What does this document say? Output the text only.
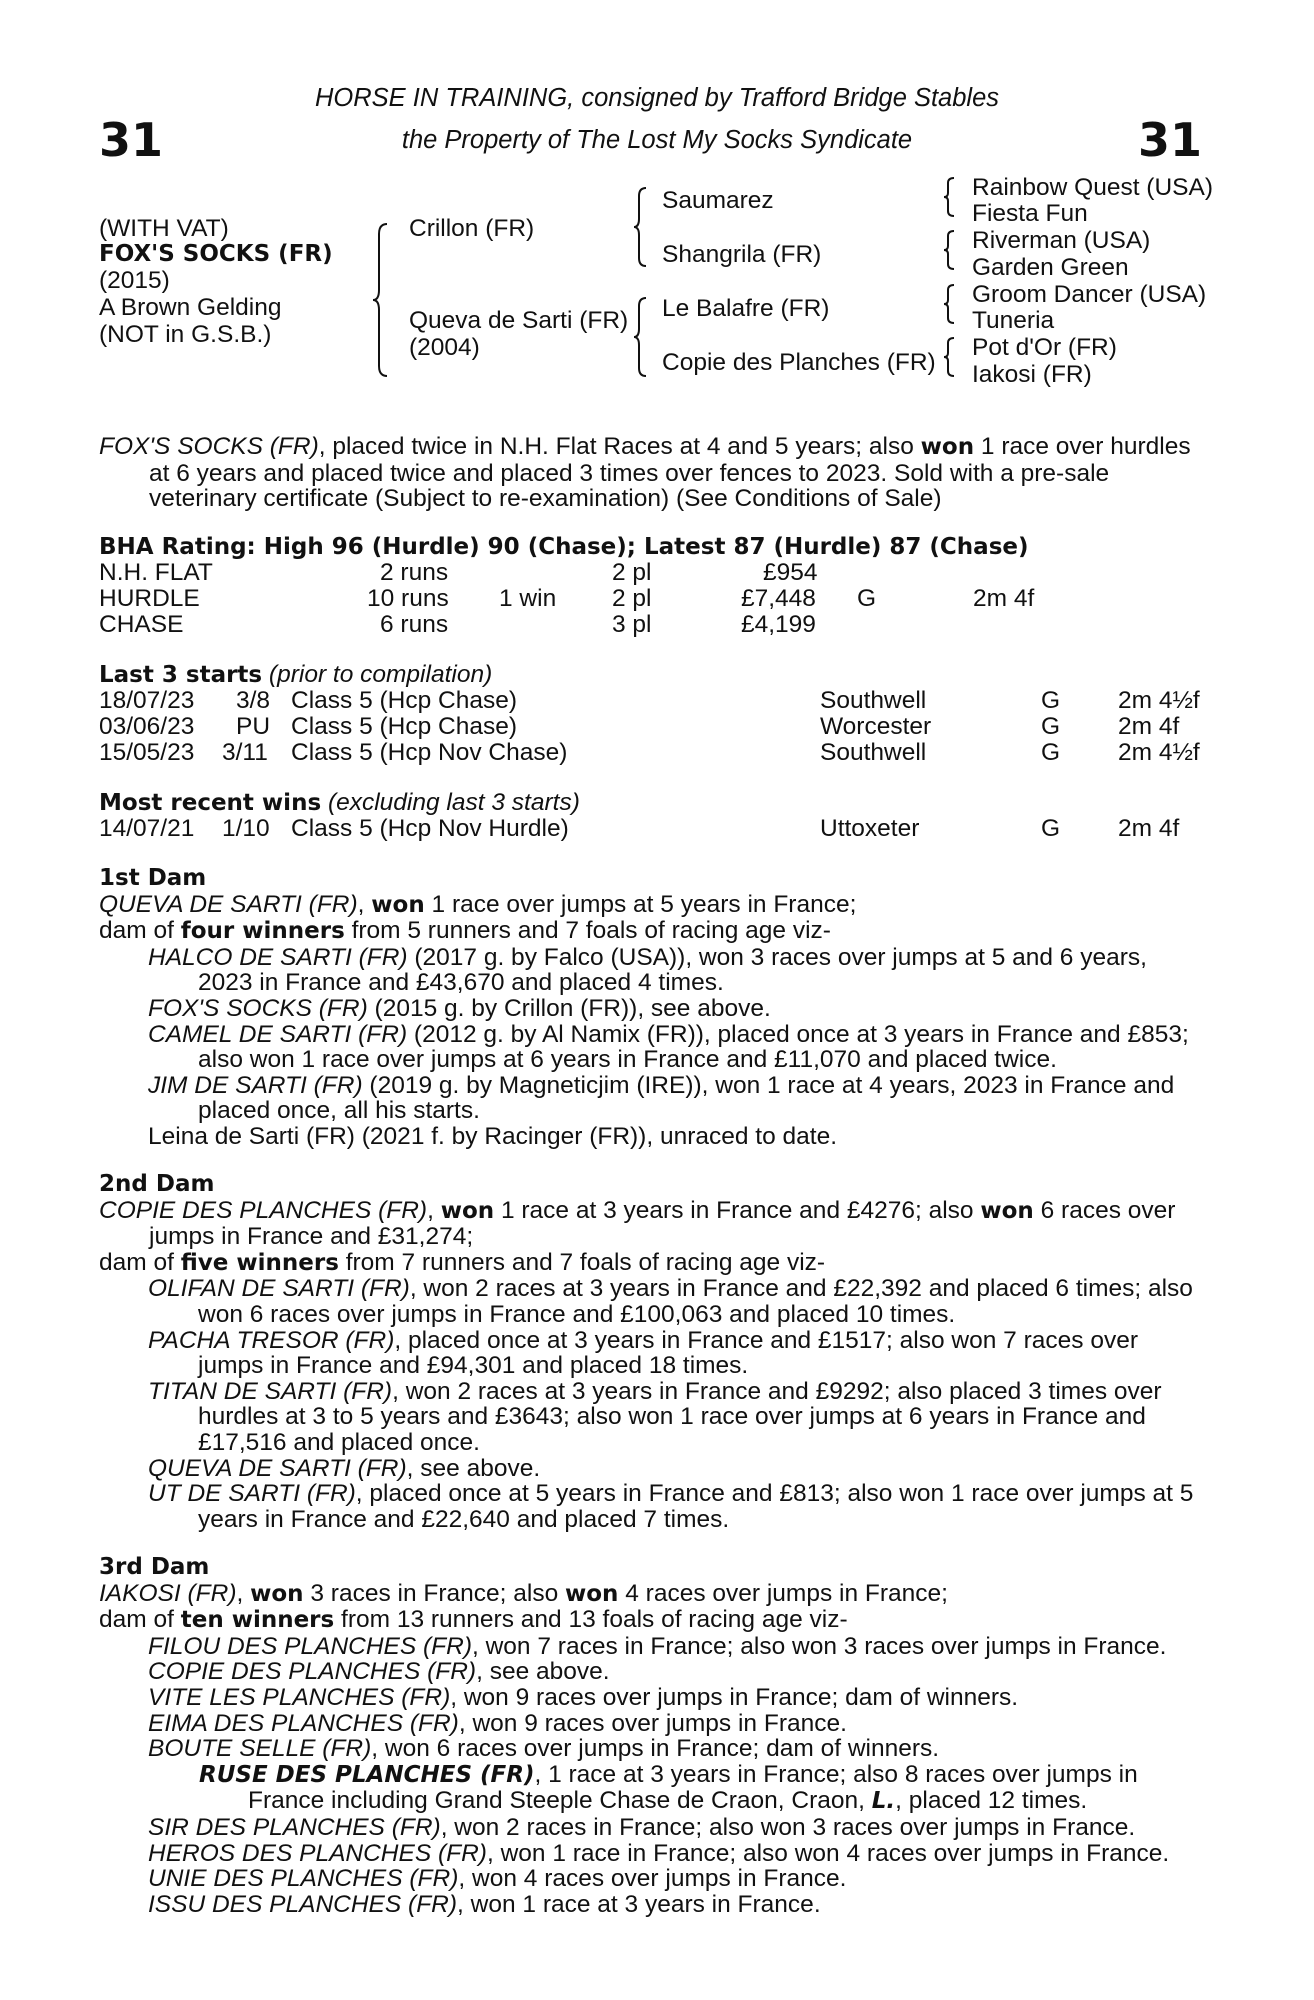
31	31
HORSE IN TRAINING, consigned by Trafford Bridge Stables
the Property of The Lost My Socks Syndicate
(WITH VAT)
FOX'S SOCKS (FR)
(2015)
A Brown Gelding
(NOT in G.S.B.)
Crillon (FR)
Queva de Sarti (FR)
(2004)
Saumarez
Shangrila (FR)
Le Balafre (FR)
Copie des Planches (FR)
Rainbow Quest (USA)
Fiesta Fun
Riverman (USA)
Garden Green
Groom Dancer (USA)
Tuneria
Pot d'Or (FR)
Iakosi (FR)

FOX'S SOCKS (FR), placed twice in N.H. Flat Races at 4 and 5 years; also won 1 race over hurdles at 6 years and placed twice and placed 3 times over fences to 2023. Sold with a pre-sale veterinary certificate (Subject to re-examination) (See Conditions of Sale)

BHA Rating: High 96 (Hurdle) 90 (Chase); Latest 87 (Hurdle) 87 (Chase)
N.H. FLAT	2 runs	2 pl	£954
HURDLE	10 runs 1 win 2 pl	£7,448 G	2m 4f
CHASE	6 runs	3 pl	£4,199
Last 3 starts (prior to compilation)
18/07/23 3/8 Class 5 (Hcp Chase)	Southwell	G 2m 4½f
03/06/23 PU Class 5 (Hcp Chase)	Worcester	G 2m 4f
15/05/23 3/11 Class 5 (Hcp Nov Chase)	Southwell	G 2m 4½f
Most recent wins (excluding last 3 starts)
14/07/21 1/10 Class 5 (Hcp Nov Hurdle)	Uttoxeter	G 2m 4f

1st Dam

QUEVA DE SARTI (FR), won 1 race over jumps at 5 years in France;

dam of four winners from 5 runners and 7 foals of racing age viz-

HALCO DE SARTI (FR) (2017 g. by Falco (USA)), won 3 races over jumps at 5 and 6 years, 2023 in France and £43,670 and placed 4 times.

FOX'S SOCKS (FR) (2015 g. by Crillon (FR)), see above.

CAMEL DE SARTI (FR) (2012 g. by Al Namix (FR)), placed once at 3 years in France and £853; also won 1 race over jumps at 6 years in France and £11,070 and placed twice.

JIM DE SARTI (FR) (2019 g. by Magneticjim (IRE)), won 1 race at 4 years, 2023 in France and placed once, all his starts.

Leina de Sarti (FR) (2021 f. by Racinger (FR)), unraced to date.

2nd Dam

COPIE DES PLANCHES (FR), won 1 race at 3 years in France and £4276; also won 6 races over jumps in France and £31,274;

dam of five winners from 7 runners and 7 foals of racing age viz-

OLIFAN DE SARTI (FR), won 2 races at 3 years in France and £22,392 and placed 6 times; also won 6 races over jumps in France and £100,063 and placed 10 times.

PACHA TRESOR (FR), placed once at 3 years in France and £1517; also won 7 races over jumps in France and £94,301 and placed 18 times.

TITAN DE SARTI (FR), won 2 races at 3 years in France and £9292; also placed 3 times over hurdles at 3 to 5 years and £3643; also won 1 race over jumps at 6 years in France and £17,516 and placed once.

QUEVA DE SARTI (FR), see above.

UT DE SARTI (FR), placed once at 5 years in France and £813; also won 1 race over jumps at 5 years in France and £22,640 and placed 7 times.

3rd Dam

IAKOSI (FR), won 3 races in France; also won 4 races over jumps in France;

dam of ten winners from 13 runners and 13 foals of racing age viz-

FILOU DES PLANCHES (FR), won 7 races in France; also won 3 races over jumps in France.

COPIE DES PLANCHES (FR), see above.

VITE LES PLANCHES (FR), won 9 races over jumps in France; dam of winners.

EIMA DES PLANCHES (FR), won 9 races over jumps in France.

BOUTE SELLE (FR), won 6 races over jumps in France; dam of winners.

RUSE DES PLANCHES (FR), 1 race at 3 years in France; also 8 races over jumps in France including Grand Steeple Chase de Craon, Craon, L., placed 12 times.

SIR DES PLANCHES (FR), won 2 races in France; also won 3 races over jumps in France.

HEROS DES PLANCHES (FR), won 1 race in France; also won 4 races over jumps in France.

UNIE DES PLANCHES (FR), won 4 races over jumps in France.

ISSU DES PLANCHES (FR), won 1 race at 3 years in France.
